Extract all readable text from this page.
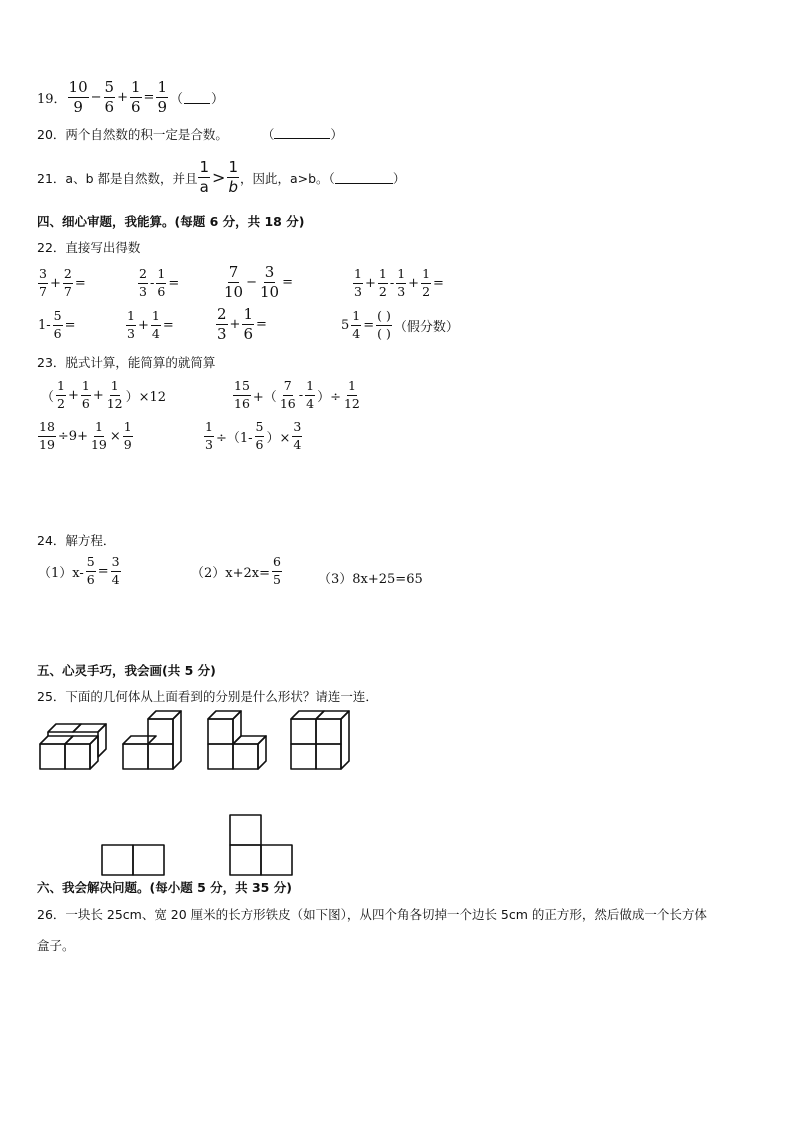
19． $\frac{10}{9} - \frac{5}{6} + \frac{1}{6} = \frac{1}{9}$ （ ）
20．两个自然数的积一定是合数。	（	）
21．a、b 都是自然数，并且 $\frac{1}{a} > \frac{1}{b}$ ，因此，a>b。（	）
四、细心审题，我能算。(每题 6 分，共 18 分)
22．直接写出得数
$\frac{3}{7} + \frac{2}{7}$ =	$\frac{2}{3} - \frac{1}{6}$ =	$\frac{7}{10} - \frac{3}{10}$ =	$\frac{1}{3} + \frac{1}{2} - \frac{1}{3} + \frac{1}{2}$ =
$1- \frac{5}{6}$ =	$\frac{1}{3} + \frac{1}{4}$ =	$\frac{2}{3} + \frac{1}{6}$ =	$5 \frac{1}{4} = \frac{( )}{( )}$ （假分数）
23．脱式计算，能简算的就简算
（ $\frac{1}{2} + \frac{1}{6} + \frac{1}{12} )\times 12$	$\frac{15}{16}$ +（ $\frac{7}{16} - \frac{1}{4}$ ）÷ $\frac{1}{12}$
$\frac{18}{19} \div 9+ \frac{1}{19} \times \frac{1}{9}$	$\frac{1}{3} \div(1- \frac{5}{6}$ ）× $\frac{3}{4}$
24．解方程．
$(1)x- \frac{5}{6} = \frac{3}{4}$	$(2)x+2x= \frac{6}{5}$	（3）8x+25=65
五、心灵手巧，我会画(共 5 分)
25．下面的几何体从上面看到的分别是什么形状？请连一连．
六、我会解决问题。(每小题 5 分，共 35 分)
26．一块长 25cm、宽 20 厘米的长方形铁皮（如下图），从四个角各切掉一个边长 5cm 的正方形，然后做成一个长方体
盒子。
